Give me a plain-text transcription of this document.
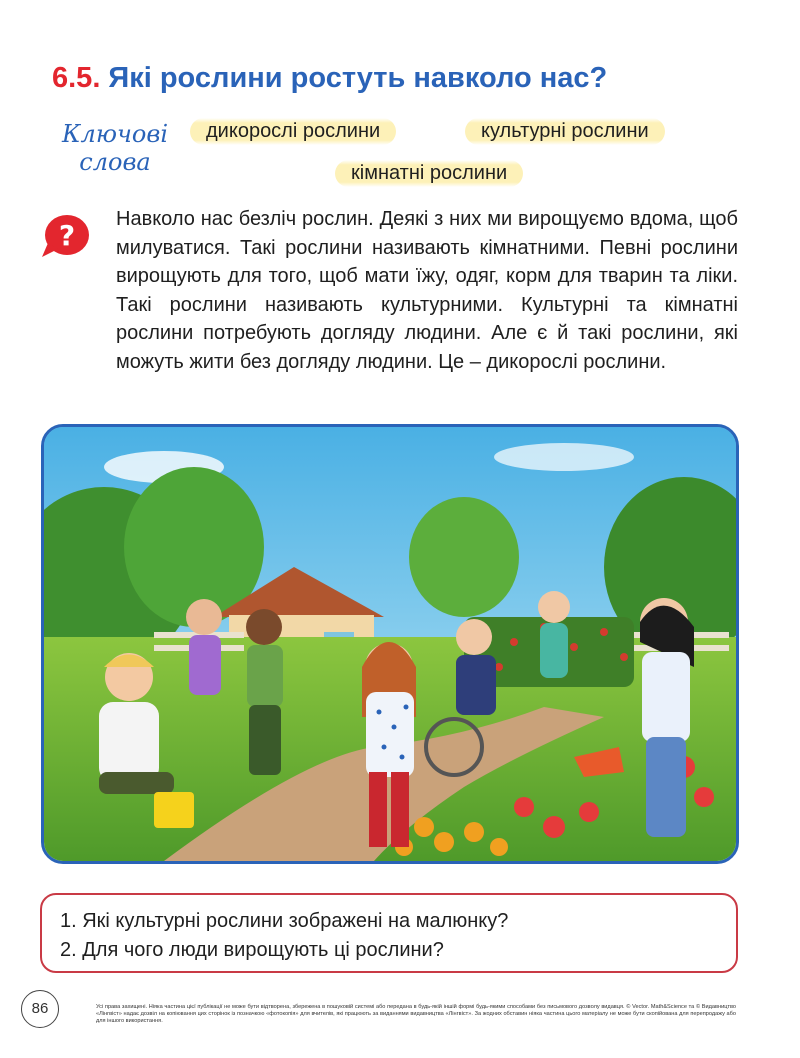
6.5. Які рослини ростуть навколо нас?
Ключові
слова
дикорослі рослини	культурні рослини
кімнатні рослини
? Навколо нас безліч рослин. Деякі з них ми вирощуємо вдома, щоб милуватися. Такі рослини називають кімнатними. Певні рослини вирощують для того, щоб мати їжу, одяг, корм для тварин та ліки. Такі рослини називають культурними. Культурні та кімнатні рослини потребують догляду людини. Але є й такі рослини, які можуть жити без догляду людини. Це – дикорослі рослини.
1. Які культурні рослини зображені на малюнку?
2. Для чого люди вирощують ці рослини?
86	Усі права захищені. Ніяка частина цієї публікації не може бути відтворена, збережена в пошуковій системі або передана в будь-якій іншій формі будь-якими способами без письмового дозволу видавця. © Vector. Math&Science та © Видавництво «Лінгвіст» надає дозвіл на копіювання цих сторінок із позначкою «фотокопія» для вчителів, які працюють за виданнями видавництва «Лінгвіст». За жодних обставин ніяка частина цього матеріалу не може бути скопійована для перепродажу або для іншого використання.
